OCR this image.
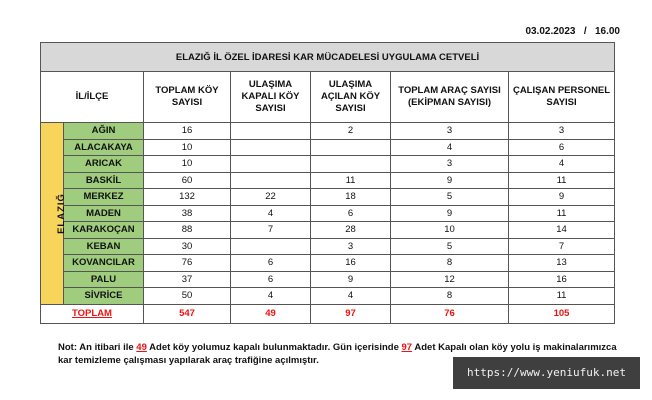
03.02.2023 / 16.00
ELAZIĞ İL ÖZEL İDARESİ KAR MÜCADELESİ UYGULAMA CETVELİ						
İL/İLÇE		TOPLAM KÖY SAYISI	ULAŞIMA KAPALI KÖY SAYISI	ULAŞIMA AÇILAN KÖY SAYISI	TOPLAM ARAÇ SAYISI (EKİPMAN SAYISI)	ÇALIŞAN PERSONEL SAYISI
ELAZIĞ	AĞIN	16		2	3	3
	ALACAKAYA	10			4	6
	ARICAK	10			3	4
	BASKİL	60		11	9	11
	MERKEZ	132	22	18	5	9
	MADEN	38	4	6	9	11
	KARAKOÇAN	88	7	28	10	14
	KEBAN	30		3	5	7
	KOVANCILAR	76	6	16	8	13
	PALU	37	6	9	12	16
	SİVRİCE	50	4	4	8	11
TOPLAM		547	49	97	76	105
Not: An itibari ile 49 Adet köy yolumuz kapalı bulunmaktadır. Gün içerisinde 97 Adet Kapalı olan köy yolu iş makinalarımızca kar temizleme çalışması yapılarak araç trafiğine açılmıştır.
https://www.yeniufuk.net
